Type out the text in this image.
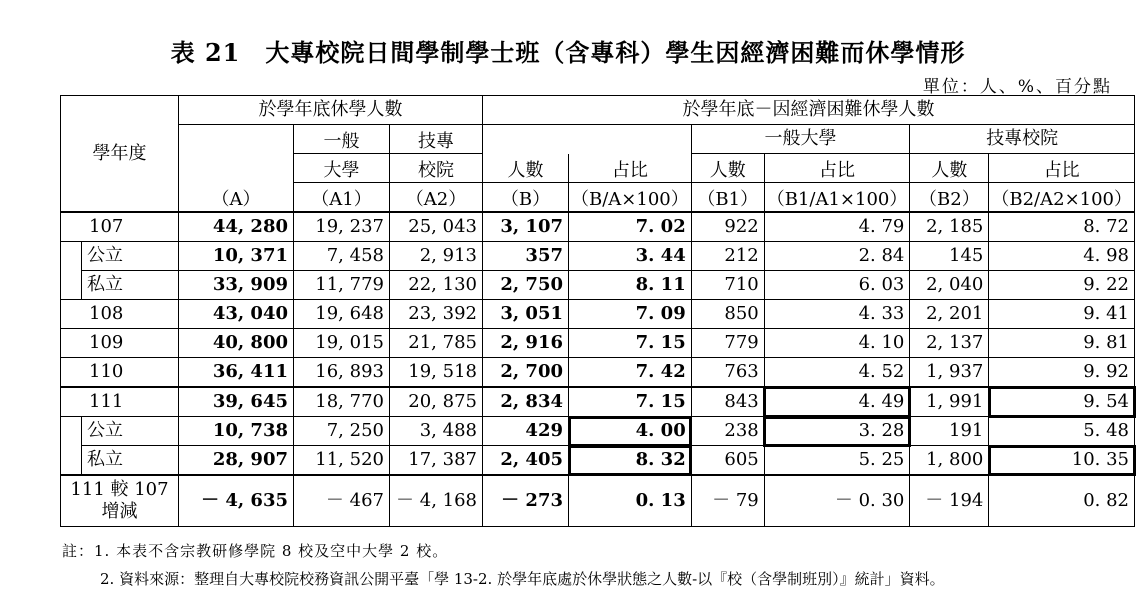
表 21　大專校院日間學制學士班（含專科）學生因經濟困難而休學情形
單位：人、%、百分點
學年度		於學年底休學人數			於學年底－因經濟困難休學人數					
		（A）	一般	技專			一般大學		技專校院	
			大學	校院	人數	占比	人數	占比	人數	占比
			（A1）	（A2）	（B）	（B/A×100）	（B1）	（B1/A1×100）	（B2）	（B2/A2×100）
107		44, 280	19, 237	25, 043	3, 107	7. 02	922	4. 79	2, 185	8. 72
	公立	10, 371	7, 458	2, 913	357	3. 44	212	2. 84	145	4. 98
	私立	33, 909	11, 779	22, 130	2, 750	8. 11	710	6. 03	2, 040	9. 22
108		43, 040	19, 648	23, 392	3, 051	7. 09	850	4. 33	2, 201	9. 41
109		40, 800	19, 015	21, 785	2, 916	7. 15	779	4. 10	2, 137	9. 81
110		36, 411	16, 893	19, 518	2, 700	7. 42	763	4. 52	1, 937	9. 92
111		39, 645	18, 770	20, 875	2, 834	7. 15	843	4. 49	1, 991	9. 54
	公立	10, 738	7, 250	3, 488	429	4. 00	238	3. 28	191	5. 48
	私立	28, 907	11, 520	17, 387	2, 405	8. 32	605	5. 25	1, 800	10. 35

111 較 107
增減		－ 4, 635	－ 467	－ 4, 168	－ 273	0. 13	－ 79	－ 0. 30	－ 194	0. 82
註：1. 本表不含宗教研修學院 8 校及空中大學 2 校。
2. 資料來源：整理自大專校院校務資訊公開平臺「學 13-2. 於學年底處於休學狀態之人數-以『校（含學制班別）』統計」資料。
